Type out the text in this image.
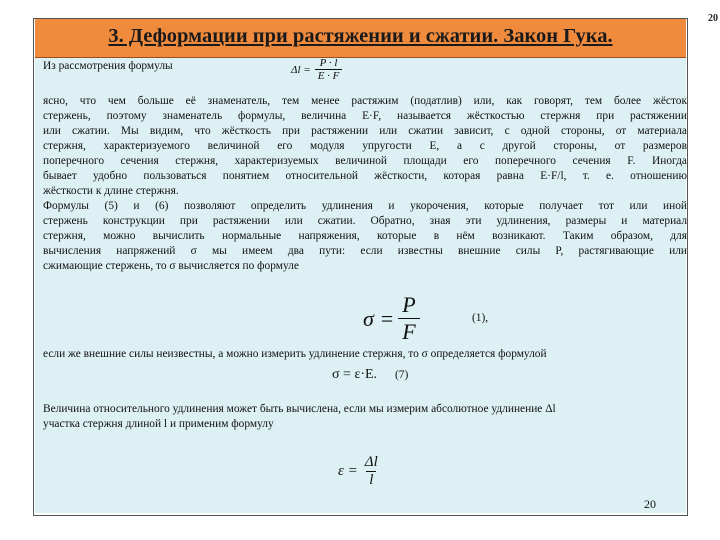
20
3. Деформации при растяжении и сжатии. Закон Гука.
Из рассмотрения формулы	$\Delta l = \frac{P \cdot l}{E \cdot F}$
ясно, что чем больше её знаменатель, тем менее растяжим (податлив) или, как говорят, тем более жёсток
стержень, поэтому знаменатель формулы, величина E·F, называется жёсткостью стержня при растяжении
или сжатии. Мы видим, что жёсткость при растяжении или сжатии зависит, с одной стороны, от материала
стержня, характеризуемого величиной его модуля упругости E, а с другой стороны, от размеров
поперечного сечения стержня, характеризуемых величиной площади его поперечного сечения F. Иногда
бывает удобно пользоваться понятием относительной жёсткости, которая равна E·F/l, т. е. отношению
жёсткости к длине стержня.
Формулы (5) и (6) позволяют определить удлинения и укорочения, которые получает тот или иной
стержень конструкции при растяжении или сжатии. Обратно, зная эти удлинения, размеры и материал
стержня, можно вычислить нормальные напряжения, которые в нём возникают. Таким образом, для
вычисления напряжений σ мы имеем два пути: если известны внешние силы P, растягивающие или
сжимающие стержень, то σ вычисляется по формуле
$\sigma = \frac{P}{F}$	(1),
если же внешние силы неизвестны, а можно измерить удлинение стержня, то σ определяется формулой
σ = ε·E. (7)
Величина относительного удлинения может быть вычислена, если мы измерим абсолютное удлинение Δl
участка стержня длиной l и применим формулу
$\varepsilon = \frac{\Delta l}{l}$
20
